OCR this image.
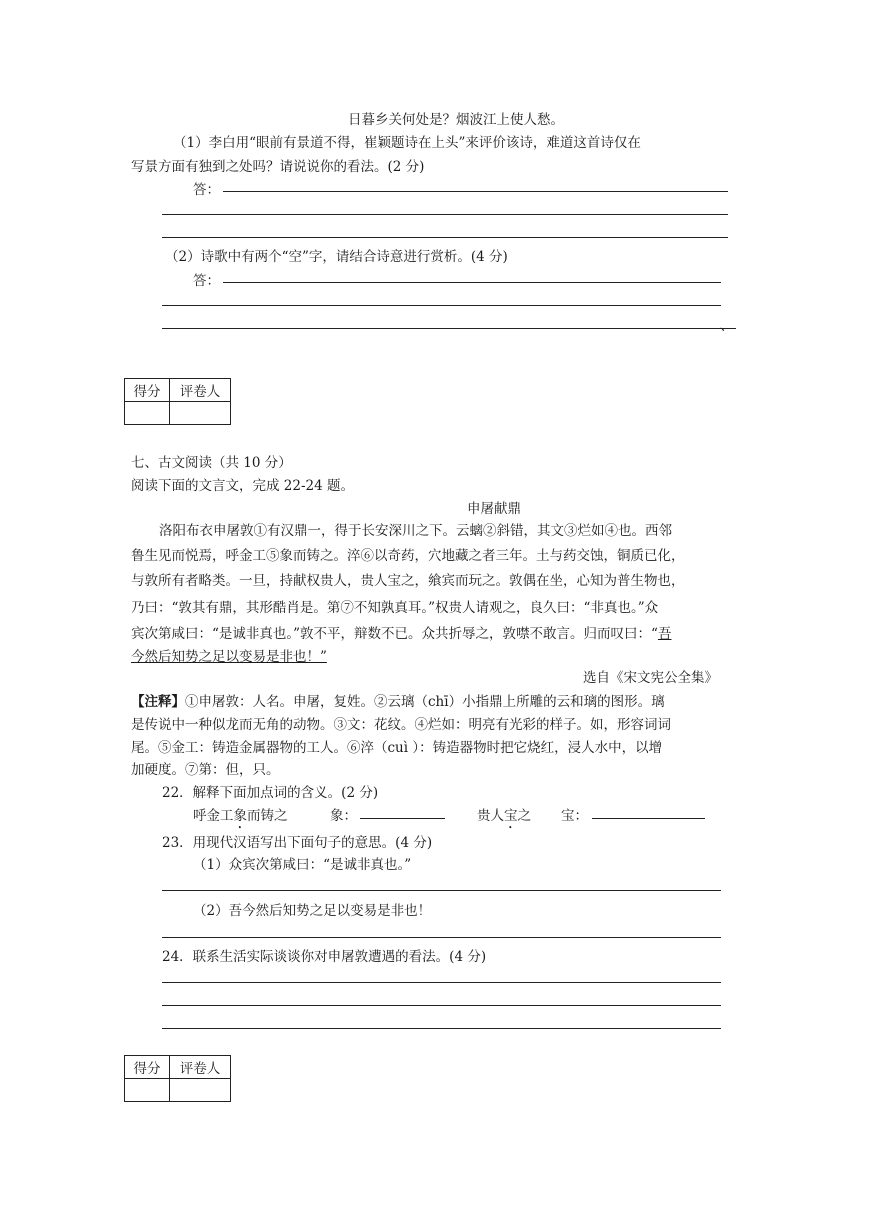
日暮乡关何处是？烟波江上使人愁。
（1）李白用“眼前有景道不得，崔颖题诗在上头”来评价该诗，难道这首诗仅在
写景方面有独到之处吗？请说说你的看法。(2 分)
答：
（2）诗歌中有两个“空”字，请结合诗意进行赏析。(4 分)
答：
、
得分	评卷人

七、古文阅读（共 10 分）
阅读下面的文言文，完成 22-24 题。
申屠献鼎
洛阳布衣申屠敦①有汉鼎一，得于长安深川之下。云螭②斜错，其文③烂如④也。西邻
鲁生见而悦焉，呼金工⑤象而铸之。淬⑥以奇药，穴地藏之者三年。土与药交蚀，铜质已化，
与敦所有者略类。一旦，持献权贵人，贵人宝之，飨宾而玩之。敦偶在坐，心知为普生物也，
乃曰：“敦其有鼎，其形酷肖是。第⑦不知孰真耳。”权贵人请观之，良久曰：“非真也。”众
宾次第咸曰：“是诚非真也。”敦不平，辩数不已。众共折辱之，敦噤不敢言。归而叹曰：“吾
今然后知势之足以变易是非也！”
选自《宋文宪公全集》
【注释】①申屠敦：人名。申屠，复姓。②云璃（chī）小指鼎上所雕的云和璃的图形。璃
是传说中一种似龙而无角的动物。③文：花纹。④烂如：明亮有光彩的样子。如，形容词词
尾。⑤金工：铸造金属器物的工人。⑥淬（cuì ）：铸造器物时把它烧红，浸人水中，以增
加硬度。⑦第：但，只。
22．解释下面加点词的含义。(2 分)
呼金工象而铸之	象：	贵人宝之 宝：
23．用现代汉语写出下面句子的意思。(4 分)
（1）众宾次第咸曰：“是诚非真也。”
（2）吾今然后知势之足以变易是非也！
24．联系生活实际谈谈你对申屠敦遭遇的看法。(4 分)
得分	评卷人
